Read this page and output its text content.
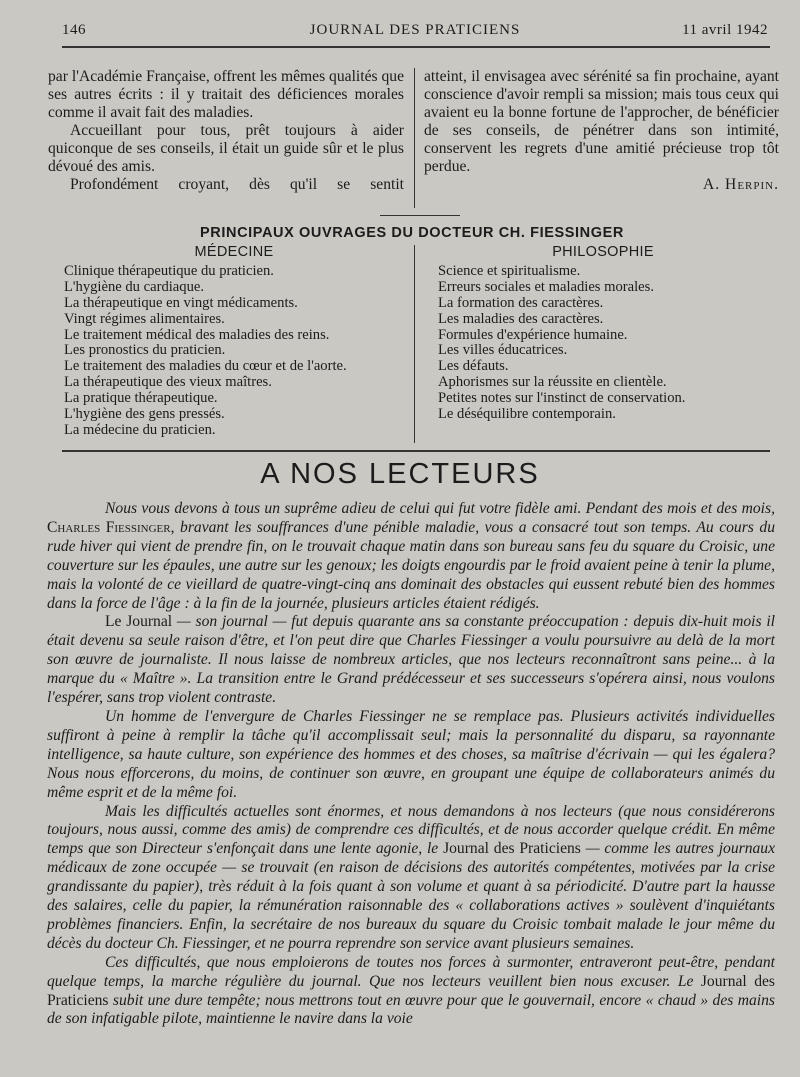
146	JOURNAL DES PRATICIENS	11 avril 1942

par l'Académie Française, offrent les mêmes qualités que ses autres écrits : il y traitait des déficiences morales comme il avait fait des maladies.

Accueillant pour tous, prêt toujours à aider quiconque de ses conseils, il était un guide sûr et le plus dévoué des amis.

Profondément croyant, dès qu'il se sentit

atteint, il envisagea avec sérénité sa fin prochaine, ayant conscience d'avoir rempli sa mission; mais tous ceux qui avaient eu la bonne fortune de l'approcher, de bénéficier de ses conseils, de pénétrer dans son intimité, conservent les regrets d'une amitié précieuse trop tôt perdue.

A. Herpin.

PRINCIPAUX OUVRAGES DU DOCTEUR CH. FIESSINGER
MÉDECINE
Clinique thérapeutique du praticien.
L'hygiène du cardiaque.
La thérapeutique en vingt médicaments.
Vingt régimes alimentaires.
Le traitement médical des maladies des reins.
Les pronostics du praticien.
Le traitement des maladies du cœur et de l'aorte.
La thérapeutique des vieux maîtres.
La pratique thérapeutique.
L'hygiène des gens pressés.
La médecine du praticien.
PHILOSOPHIE
Science et spiritualisme.
Erreurs sociales et maladies morales.
La formation des caractères.
Les maladies des caractères.
Formules d'expérience humaine.
Les villes éducatrices.
Les défauts.
Aphorismes sur la réussite en clientèle.
Petites notes sur l'instinct de conservation.
Le déséquilibre contemporain.
A NOS LECTEURS

Nous vous devons à tous un suprême adieu de celui qui fut votre fidèle ami. Pendant des mois et des mois, Charles Fiessinger, bravant les souffrances d'une pénible maladie, vous a consacré tout son temps. Au cours du rude hiver qui vient de prendre fin, on le trouvait chaque matin dans son bureau sans feu du square du Croisic, une couverture sur les épaules, une autre sur les genoux; les doigts engourdis par le froid avaient peine à tenir la plume, mais la volonté de ce vieillard de quatre-vingt-cinq ans dominait des obstacles qui eussent rebuté bien des hommes dans la force de l'âge : à la fin de la journée, plusieurs articles étaient rédigés.

Le Journal — son journal — fut depuis quarante ans sa constante préoccupation : depuis dix-huit mois il était devenu sa seule raison d'être, et l'on peut dire que Charles Fiessinger a voulu poursuivre au delà de la mort son œuvre de journaliste. Il nous laisse de nombreux articles, que nos lecteurs reconnaîtront sans peine... à la marque du « Maître ». La transition entre le Grand prédécesseur et ses successeurs s'opérera ainsi, nous voulons l'espérer, sans trop violent contraste.

Un homme de l'envergure de Charles Fiessinger ne se remplace pas. Plusieurs activités individuelles suffiront à peine à remplir la tâche qu'il accomplissait seul; mais la personnalité du disparu, sa rayonnante intelligence, sa haute culture, son expérience des hommes et des choses, sa maîtrise d'écrivain — qui les égalera? Nous nous efforcerons, du moins, de continuer son œuvre, en groupant une équipe de collaborateurs animés du même esprit et de la même foi.

Mais les difficultés actuelles sont énormes, et nous demandons à nos lecteurs (que nous considérerons toujours, nous aussi, comme des amis) de comprendre ces difficultés, et de nous accorder quelque crédit. En même temps que son Directeur s'enfonçait dans une lente agonie, le Journal des Praticiens — comme les autres journaux médicaux de zone occupée — se trouvait (en raison de décisions des autorités compétentes, motivées par la crise grandissante du papier), très réduit à la fois quant à son volume et quant à sa périodicité. D'autre part la hausse des salaires, celle du papier, la rémunération raisonnable des « collaborations actives » soulèvent d'inquiétants problèmes financiers. Enfin, la secrétaire de nos bureaux du square du Croisic tombait malade le jour même du décès du docteur Ch. Fiessinger, et ne pourra reprendre son service avant plusieurs semaines.

Ces difficultés, que nous emploierons de toutes nos forces à surmonter, entraveront peut-être, pendant quelque temps, la marche régulière du journal. Que nos lecteurs veuillent bien nous excuser. Le Journal des Praticiens subit une dure tempête; nous mettrons tout en œuvre pour que le gouvernail, encore « chaud » des mains de son infatigable pilote, maintienne le navire dans la voie
